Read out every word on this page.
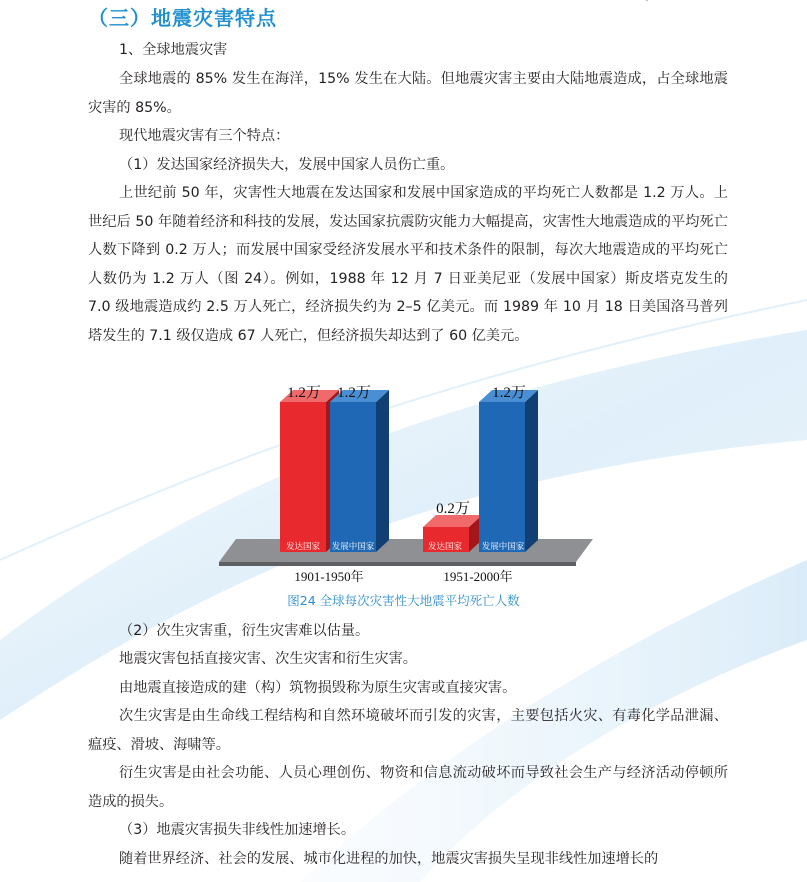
（三）地震灾害特点

1、全球地震灾害

全球地震的 85% 发生在海洋，15% 发生在大陆。但地震灾害主要由大陆地震造成，占全球地震灾害的 85%。

现代地震灾害有三个特点：

（1）发达国家经济损失大，发展中国家人员伤亡重。

上世纪前 50 年，灾害性大地震在发达国家和发展中国家造成的平均死亡人数都是 1.2 万人。上世纪后 50 年随着经济和科技的发展，发达国家抗震防灾能力大幅提高，灾害性大地震造成的平均死亡人数下降到 0.2 万人；而发展中国家受经济发展水平和技术条件的限制，每次大地震造成的平均死亡人数仍为 1.2 万人（图 24）。例如，1988 年 12 月 7 日亚美尼亚（发展中国家）斯皮塔克发生的 7.0 级地震造成约 2.5 万人死亡，经济损失约为 2–5 亿美元。而 1989 年 10 月 18 日美国洛马普列塔发生的 7.1 级仅造成 67 人死亡，但经济损失却达到了 60 亿美元。

1.2万 1.2万
0.2万
1.2万
发达国家 发展中国家	发达国家 发展中国家
1901-1950年	1951-2000年
图24 全球每次灾害性大地震平均死亡人数

（2）次生灾害重，衍生灾害难以估量。

地震灾害包括直接灾害、次生灾害和衍生灾害。

由地震直接造成的建（构）筑物损毁称为原生灾害或直接灾害。

次生灾害是由生命线工程结构和自然环境破坏而引发的灾害，主要包括火灾、有毒化学品泄漏、瘟疫、滑坡、海啸等。

衍生灾害是由社会功能、人员心理创伤、物资和信息流动破坏而导致社会生产与经济活动停顿所造成的损失。

（3）地震灾害损失非线性加速增长。

随着世界经济、社会的发展、城市化进程的加快，地震灾害损失呈现非线性加速增长的
